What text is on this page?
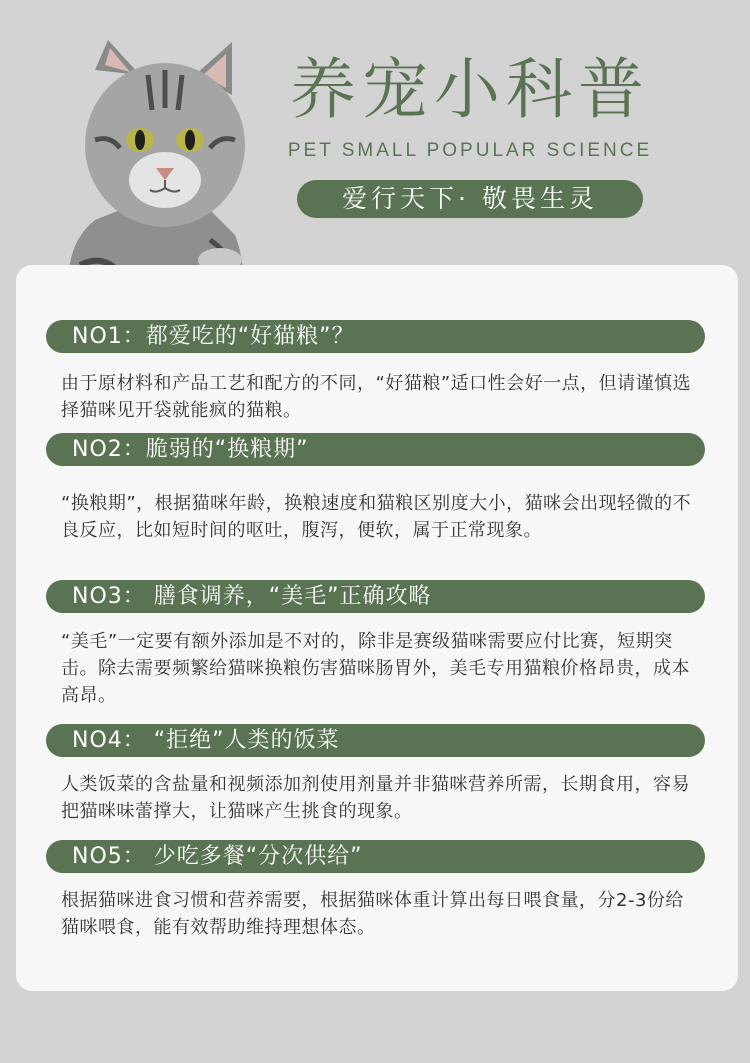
养宠小科普
PET SMALL POPULAR SCIENCE
爱行天下· 敬畏生灵
NO1：都爱吃的“好猫粮”？
由于原材料和产品工艺和配方的不同，“好猫粮”适口性会好一点，但请谨慎选择猫咪见开袋就能疯的猫粮。
NO2：脆弱的“换粮期”
“换粮期”，根据猫咪年龄，换粮速度和猫粮区别度大小，猫咪会出现轻微的不良反应，比如短时间的呕吐，腹泻，便软，属于正常现象。
NO3： 膳食调养，“美毛”正确攻略
“美毛”一定要有额外添加是不对的，除非是赛级猫咪需要应付比赛，短期突击。除去需要频繁给猫咪换粮伤害猫咪肠胃外，美毛专用猫粮价格昂贵，成本高昂。
NO4： “拒绝”人类的饭菜
人类饭菜的含盐量和视频添加剂使用剂量并非猫咪营养所需，长期食用，容易把猫咪味蕾撑大，让猫咪产生挑食的现象。
NO5： 少吃多餐“分次供给”
根据猫咪进食习惯和营养需要，根据猫咪体重计算出每日喂食量，分2-3份给猫咪喂食，能有效帮助维持理想体态。
